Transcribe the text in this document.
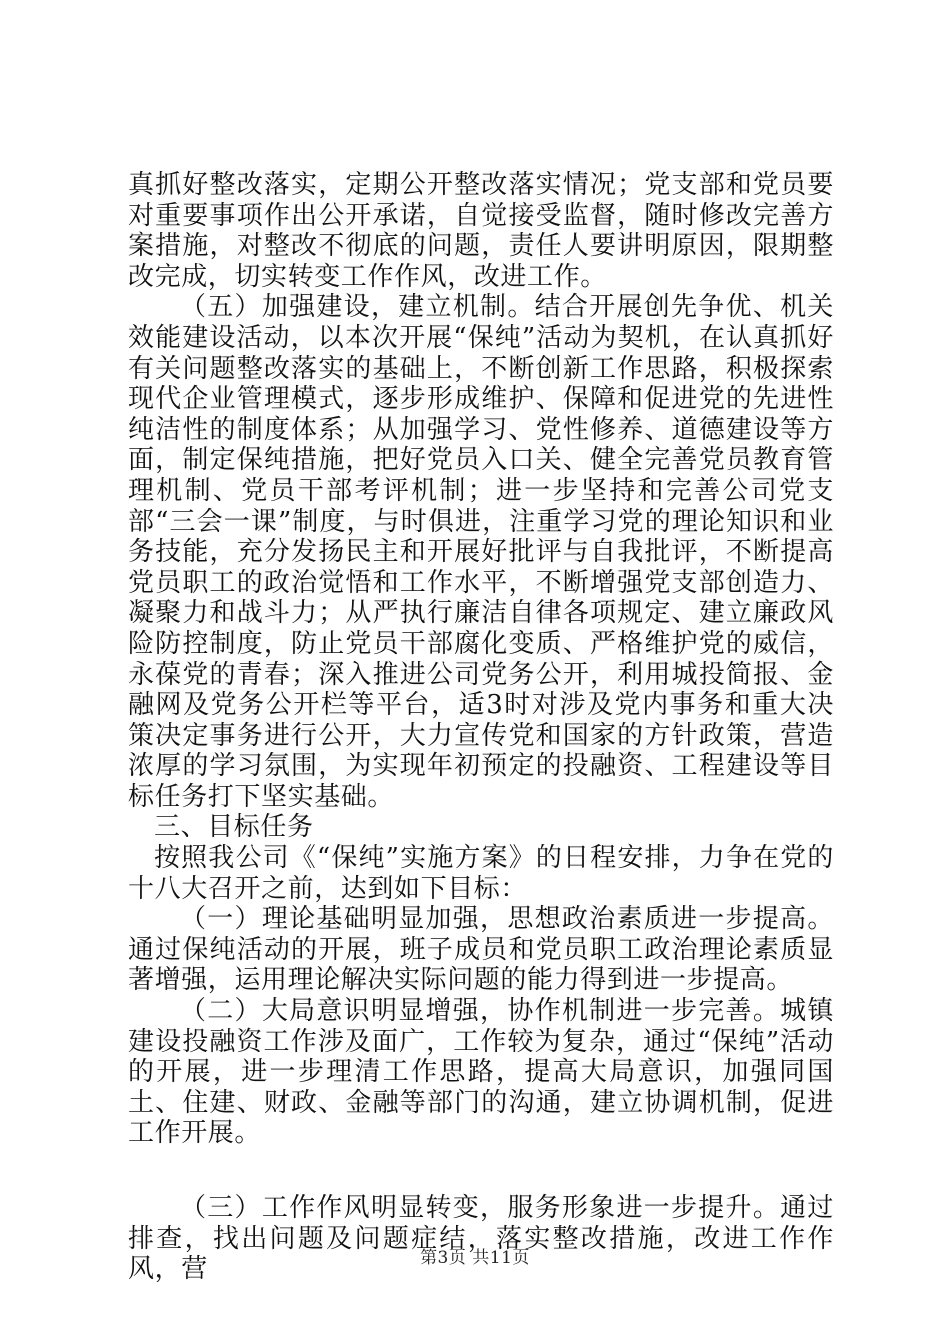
真抓好整改落实，定期公开整改落实情况；党支部和党员要对重要事项作出公开承诺，自觉接受监督，随时修改完善方案措施，对整改不彻底的问题，责任人要讲明原因，限期整改完成，切实转变工作作风，改进工作。

（五）加强建设，建立机制。结合开展创先争优、机关效能建设活动，以本次开展“保纯”活动为契机，在认真抓好有关问题整改落实的基础上，不断创新工作思路，积极探索现代企业管理模式，逐步形成维护、保障和促进党的先进性纯洁性的制度体系；从加强学习、党性修养、道德建设等方面，制定保纯措施，把好党员入口关、健全完善党员教育管理机制、党员干部考评机制；进一步坚持和完善公司党支部“三会一课”制度，与时俱进，注重学习党的理论知识和业务技能，充分发扬民主和开展好批评与自我批评，不断提高党员职工的政治觉悟和工作水平，不断增强党支部创造力、凝聚力和战斗力；从严执行廉洁自律各项规定、建立廉政风险防控制度，防止党员干部腐化变质、严格维护党的威信，永葆党的青春；深入推进公司党务公开，利用城投简报、金融网及党务公开栏等平台，适3时对涉及党内事务和重大决策决定事务进行公开，大力宣传党和国家的方针政策，营造浓厚的学习氛围，为实现年初预定的投融资、工程建设等目标任务打下坚实基础。

三、目标任务

按照我公司《“保纯”实施方案》的日程安排，力争在党的十八大召开之前，达到如下目标：

（一）理论基础明显加强，思想政治素质进一步提高。通过保纯活动的开展，班子成员和党员职工政治理论素质显著增强，运用理论解决实际问题的能力得到进一步提高。

（二）大局意识明显增强，协作机制进一步完善。城镇建设投融资工作涉及面广，工作较为复杂，通过“保纯”活动的开展，进一步理清工作思路，提高大局意识，加强同国土、住建、财政、金融等部门的沟通，建立协调机制，促进工作开展。

（三）工作作风明显转变，服务形象进一步提升。通过排查，找出问题及问题症结，落实整改措施，改进工作作风，营	第3页 共11页
